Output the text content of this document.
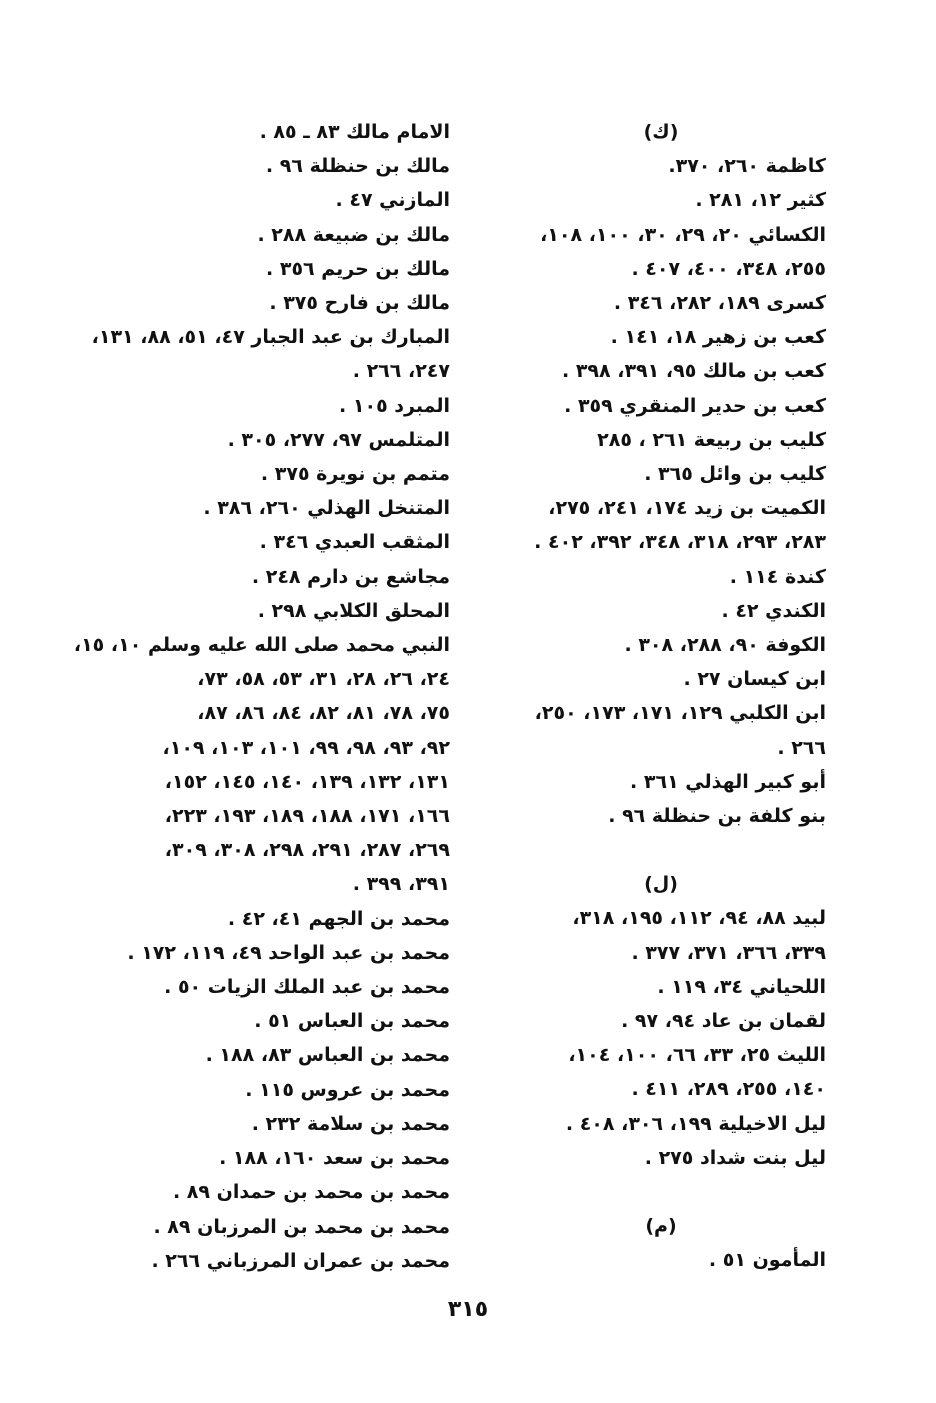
(ك)
كاظمة ٢٦٠، ٣٧٠.
كثير ١٢، ٢٨١ .
الكسائي ٢٠، ٢٩، ٣٠، ١٠٠، ١٠٨،
٢٥٥، ٣٤٨، ٤٠٠، ٤٠٧ .
كسرى ١٨٩، ٢٨٢، ٣٤٦ .
كعب بن زهير ١٨، ١٤١ .
كعب بن مالك ٩٥، ٣٩١، ٣٩٨ .
كعب بن حدير المنقري ٣٥٩ .
كليب بن ربيعة ٢٦١ ، ٢٨٥
كليب بن وائل ٣٦٥ .
الكميت بن زيد ١٧٤، ٢٤١، ٢٧٥،
٢٨٣، ٢٩٣، ٣١٨، ٣٤٨، ٣٩٢، ٤٠٢ .
كندة ١١٤ .
الكندي ٤٢ .
الكوفة ٩٠، ٢٨٨، ٣٠٨ .
ابن كيسان ٢٧ .
ابن الكلبي ١٢٩، ١٧١، ١٧٣، ٢٥٠،
٢٦٦ .
أبو كبير الهذلي ٣٦١ .
بنو كلفة بن حنظلة ٩٦ .
(ل)
لبيد ٨٨، ٩٤، ١١٢، ١٩٥، ٣١٨،
٣٣٩، ٣٦٦، ٣٧١، ٣٧٧ .
اللحياني ٣٤، ١١٩ .
لقمان بن عاد ٩٤، ٩٧ .
الليث ٢٥، ٣٣، ٦٦، ١٠٠، ١٠٤،
١٤٠، ٢٥٥، ٢٨٩، ٤١١ .
ليل الاخيلية ١٩٩، ٣٠٦، ٤٠٨ .
ليل بنت شداد ٢٧٥ .
(م)
المأمون ٥١ .
الامام مالك ٨٣ ـ ٨٥ .
مالك بن حنظلة ٩٦ .
المازني ٤٧ .
مالك بن ضبيعة ٢٨٨ .
مالك بن حريم ٣٥٦ .
مالك بن فارح ٣٧٥ .
المبارك بن عبد الجبار ٤٧، ٥١، ٨٨، ١٣١،
٢٤٧، ٢٦٦ .
المبرد ١٠٥ .
المتلمس ٩٧، ٢٧٧، ٣٠٥ .
متمم بن نويرة ٣٧٥ .
المتنخل الهذلي ٢٦٠، ٣٨٦ .
المثقب العبدي ٣٤٦ .
مجاشع بن دارم ٢٤٨ .
المحلق الكلابي ٢٩٨ .
النبي محمد صلى الله عليه وسلم ١٠، ١٥،
٢٤، ٢٦، ٢٨، ٣١، ٥٣، ٥٨، ٧٣،
٧٥، ٧٨، ٨١، ٨٢، ٨٤، ٨٦، ٨٧،
٩٢، ٩٣، ٩٨، ٩٩، ١٠١، ١٠٣، ١٠٩،
١٣١، ١٣٢، ١٣٩، ١٤٠، ١٤٥، ١٥٢،
١٦٦، ١٧١، ١٨٨، ١٨٩، ١٩٣، ٢٢٣،
٢٦٩، ٢٨٧، ٢٩١، ٢٩٨، ٣٠٨، ٣٠٩،
٣٩١، ٣٩٩ .
محمد بن الجهم ٤١، ٤٢ .
محمد بن عبد الواحد ٤٩، ١١٩، ١٧٢ .
محمد بن عبد الملك الزيات ٥٠ .
محمد بن العباس ٥١ .
محمد بن العباس ٨٣، ١٨٨ .
محمد بن عروس ١١٥ .
محمد بن سلامة ٢٣٢ .
محمد بن سعد ١٦٠، ١٨٨ .
محمد بن محمد بن حمدان ٨٩ .
محمد بن محمد بن المرزبان ٨٩ .
محمد بن عمران المرزباني ٢٦٦ .
٣١٥
